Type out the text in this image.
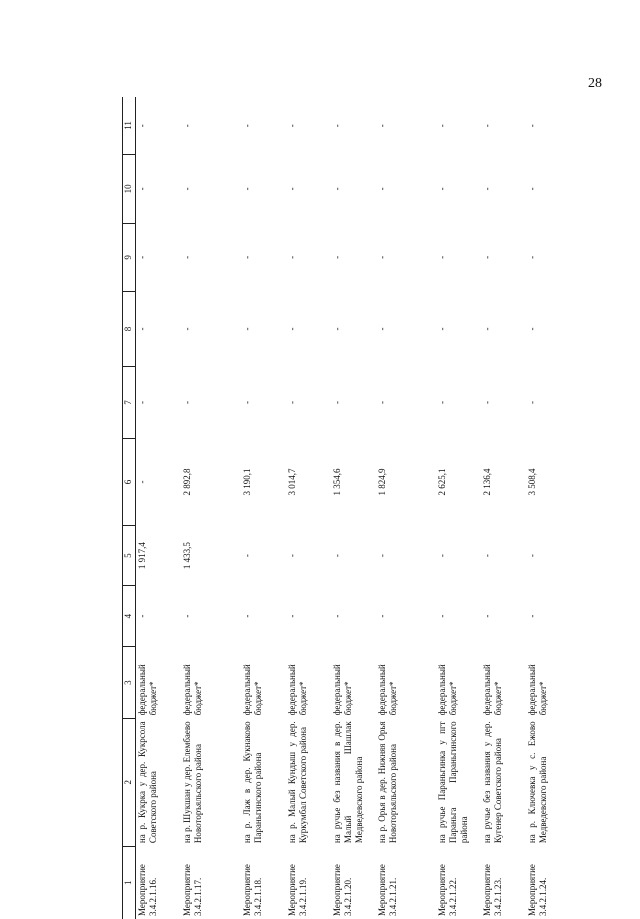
28
1	2	3	4	5	6	7	8	9	10	11
Мероприятие 3.4.2.1.16.	на р. Кукрка у дер. Кукрсола Советского района	федеральный бюджет*	-	1 917,4	-	-	-	-	-	-
Мероприятие 3.4.2.1.17.	на р. Шукшан у дер. Елембаево Новоторъяльского района	федеральный бюджет*	-	1 433,5	2 892,8	-	-	-	-	-
Мероприятие 3.4.2.1.18.	на р. Лаж в дер. Кукнаково Параньгинского района	федеральный бюджет*	-	-	3 190,1	-	-	-	-	-
Мероприятие 3.4.2.1.19.	на р. Малый Кундыш у дер. Куркумбал Советского района	федеральный бюджет*	-	-	3 014,7	-	-	-	-	-
Мероприятие 3.4.2.1.20.	на ручье без названия в дер. Малый Шашлак Медведевского района	федеральный бюджет*	-	-	1 354,6	-	-	-	-	-
Мероприятие 3.4.2.1.21.	на р. Орья в дер. Нижняя Орья Новоторъяльского района	федеральный бюджет*	-	-	1 824,9	-	-	-	-	-
Мероприятие 3.4.2.1.22.	на ручье Параньгинка у пгт Параньга Параньгинского района	федеральный бюджет*	-	-	2 625,1	-	-	-	-	-
Мероприятие 3.4.2.1.23.	на ручье без названия у дер. Кугенер Советского района	федеральный бюджет*	-	-	2 136,4	-	-	-	-	-
Мероприятие 3.4.2.1.24.	на р. Ключевка у с. Ежово Медведевского района	федеральный бюджет*	-	-	3 508,4	-	-	-	-	-
